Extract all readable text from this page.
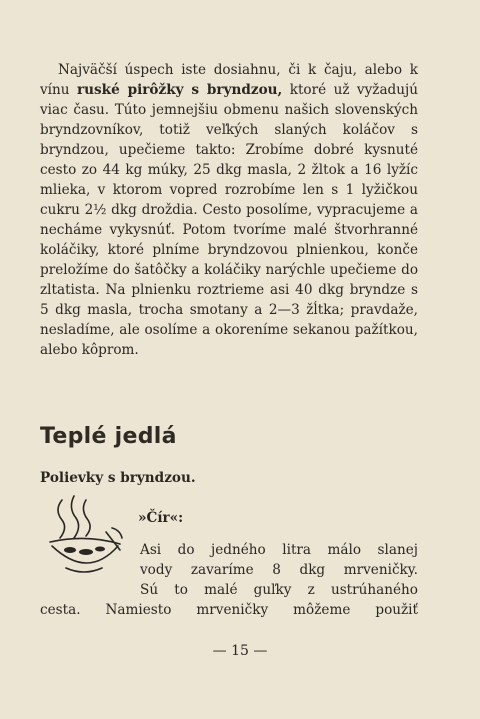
Najväčší úspech iste dosiahnu, či k čaju, alebo k vínu ruské pirôžky s bryndzou, ktoré už vyžadujú viac času. Túto jemnejšiu obmenu našich slovenských bryndzovníkov, totiž veľkých slaných koláčov s bryndzou, upečieme takto: Zrobíme dobré kysnuté cesto zo 44 kg múky, 25 dkg masla, 2 žltok a 16 lyžíc mlieka, v ktorom vopred rozrobíme len s 1 lyžičkou cukru 2½ dkg droždia. Cesto posolíme, vypracujeme a necháme vykysnúť. Potom tvoríme malé štvorhranné koláčiky, ktoré plníme bryndzovou plnienkou, konče preložíme do šatôčky a koláčiky narýchle upečieme do zltatista. Na plnienku roztrieme asi 40 dkg bryndze s 5 dkg masla, trocha smotany a 2—3 žĺtka; pravdaže, nesladíme, ale osolíme a okoreníme sekanou pažítkou, alebo kôprom.

Teplé jedlá
Polievky s bryndzou.
»Čír«:
Asi do jedného litra málo slanej
vody zavaríme 8 dkg mrveničky.
Sú to malé guľky z ustrúhaného
cesta. Namiesto mrveničky môžeme použiť
— 15 —
